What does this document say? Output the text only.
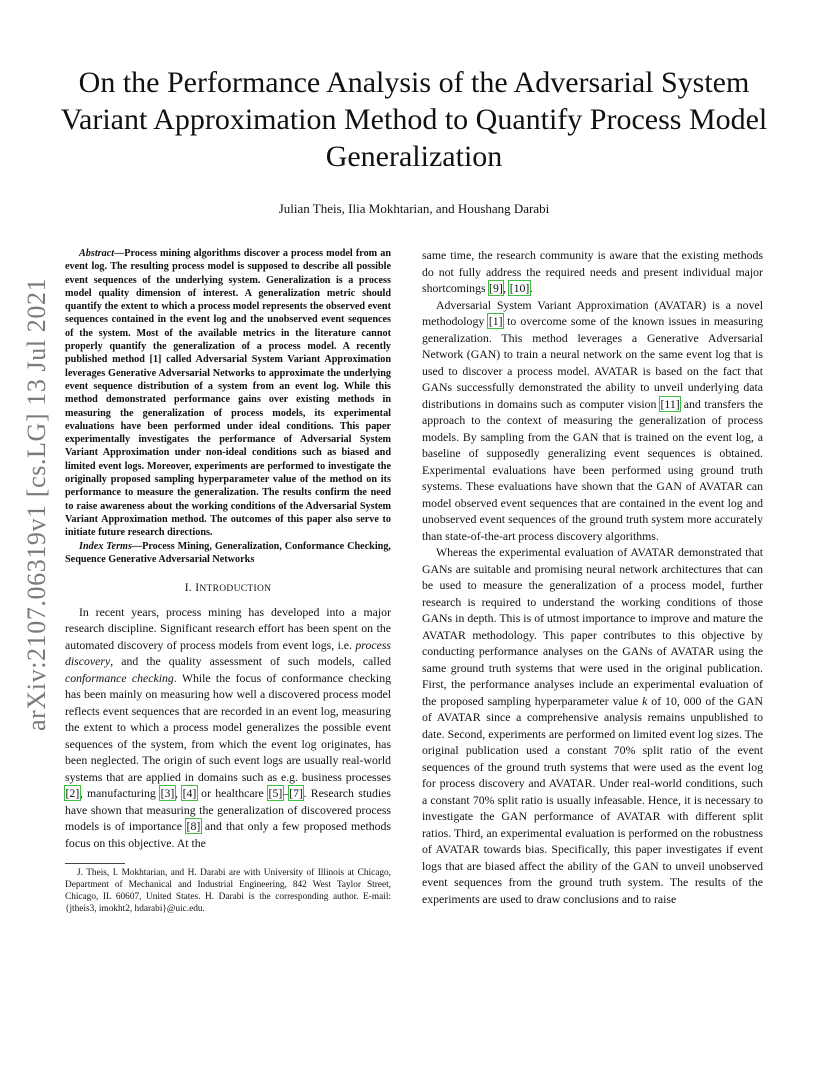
arXiv:2107.06319v1 [cs.LG] 13 Jul 2021
On the Performance Analysis of the Adversarial System Variant Approximation Method to Quantify Process Model Generalization
Julian Theis, Ilia Mokhtarian, and Houshang Darabi
Abstract—Process mining algorithms discover a process model from an event log. The resulting process model is supposed to describe all possible event sequences of the underlying system. Generalization is a process model quality dimension of interest. A generalization metric should quantify the extent to which a process model represents the observed event sequences contained in the event log and the unobserved event sequences of the system. Most of the available metrics in the literature cannot properly quantify the generalization of a process model. A recently published method [1] called Adversarial System Variant Approximation leverages Generative Adversarial Networks to approximate the underlying event sequence distribution of a system from an event log. While this method demonstrated performance gains over existing methods in measuring the generalization of process models, its experimental evaluations have been performed under ideal conditions. This paper experimentally investigates the performance of Adversarial System Variant Approximation under non-ideal conditions such as biased and limited event logs. Moreover, experiments are performed to investigate the originally proposed sampling hyperparameter value of the method on its performance to measure the generalization. The results confirm the need to raise awareness about the working conditions of the Adversarial System Variant Approximation method. The outcomes of this paper also serve to initiate future research directions.
Index Terms—Process Mining, Generalization, Conformance Checking, Sequence Generative Adversarial Networks
I. INTRODUCTION

In recent years, process mining has developed into a major research discipline. Significant research effort has been spent on the automated discovery of process models from event logs, i.e. process discovery, and the quality assessment of such models, called conformance checking. While the focus of conformance checking has been mainly on measuring how well a discovered process model reflects event sequences that are recorded in an event log, measuring the extent to which a process model generalizes the possible event sequences of the system, from which the event log originates, has been neglected. The origin of such event logs are usually real-world systems that are applied in domains such as e.g. business processes [2], manufacturing [3], [4] or healthcare [5]–[7]. Research studies have shown that measuring the generalization of discovered process models is of importance [8] and that only a few proposed methods focus on this objective. At the

J. Theis, I. Mokhtarian, and H. Darabi are with University of Illinois at Chicago, Department of Mechanical and Industrial Engineering, 842 West Taylor Street, Chicago, IL 60607, United States. H. Darabi is the corresponding author. E-mail: {jtheis3, imokht2, hdarabi}@uic.edu.

same time, the research community is aware that the existing methods do not fully address the required needs and present individual major shortcomings [9], [10].

Adversarial System Variant Approximation (AVATAR) is a novel methodology [1] to overcome some of the known issues in measuring generalization. This method leverages a Generative Adversarial Network (GAN) to train a neural network on the same event log that is used to discover a process model. AVATAR is based on the fact that GANs successfully demonstrated the ability to unveil underlying data distributions in domains such as computer vision [11] and transfers the approach to the context of measuring the generalization of process models. By sampling from the GAN that is trained on the event log, a baseline of supposedly generalizing event sequences is obtained. Experimental evaluations have been performed using ground truth systems. These evaluations have shown that the GAN of AVATAR can model observed event sequences that are contained in the event log and unobserved event sequences of the ground truth system more accurately than state-of-the-art process discovery algorithms.

Whereas the experimental evaluation of AVATAR demonstrated that GANs are suitable and promising neural network architectures that can be used to measure the generalization of a process model, further research is required to understand the working conditions of those GANs in depth. This is of utmost importance to improve and mature the AVATAR methodology. This paper contributes to this objective by conducting performance analyses on the GANs of AVATAR using the same ground truth systems that were used in the original publication. First, the performance analyses include an experimental evaluation of the proposed sampling hyperparameter value k of 10, 000 of the GAN of AVATAR since a comprehensive analysis remains unpublished to date. Second, experiments are performed on limited event log sizes. The original publication used a constant 70% split ratio of the event sequences of the ground truth systems that were used as the event log for process discovery and AVATAR. Under real-world conditions, such a constant 70% split ratio is usually infeasable. Hence, it is necessary to investigate the GAN performance of AVATAR with different split ratios. Third, an experimental evaluation is performed on the robustness of AVATAR towards bias. Specifically, this paper investigates if event logs that are biased affect the ability of the GAN to unveil unobserved event sequences from the ground truth system. The results of the experiments are used to draw conclusions and to raise
